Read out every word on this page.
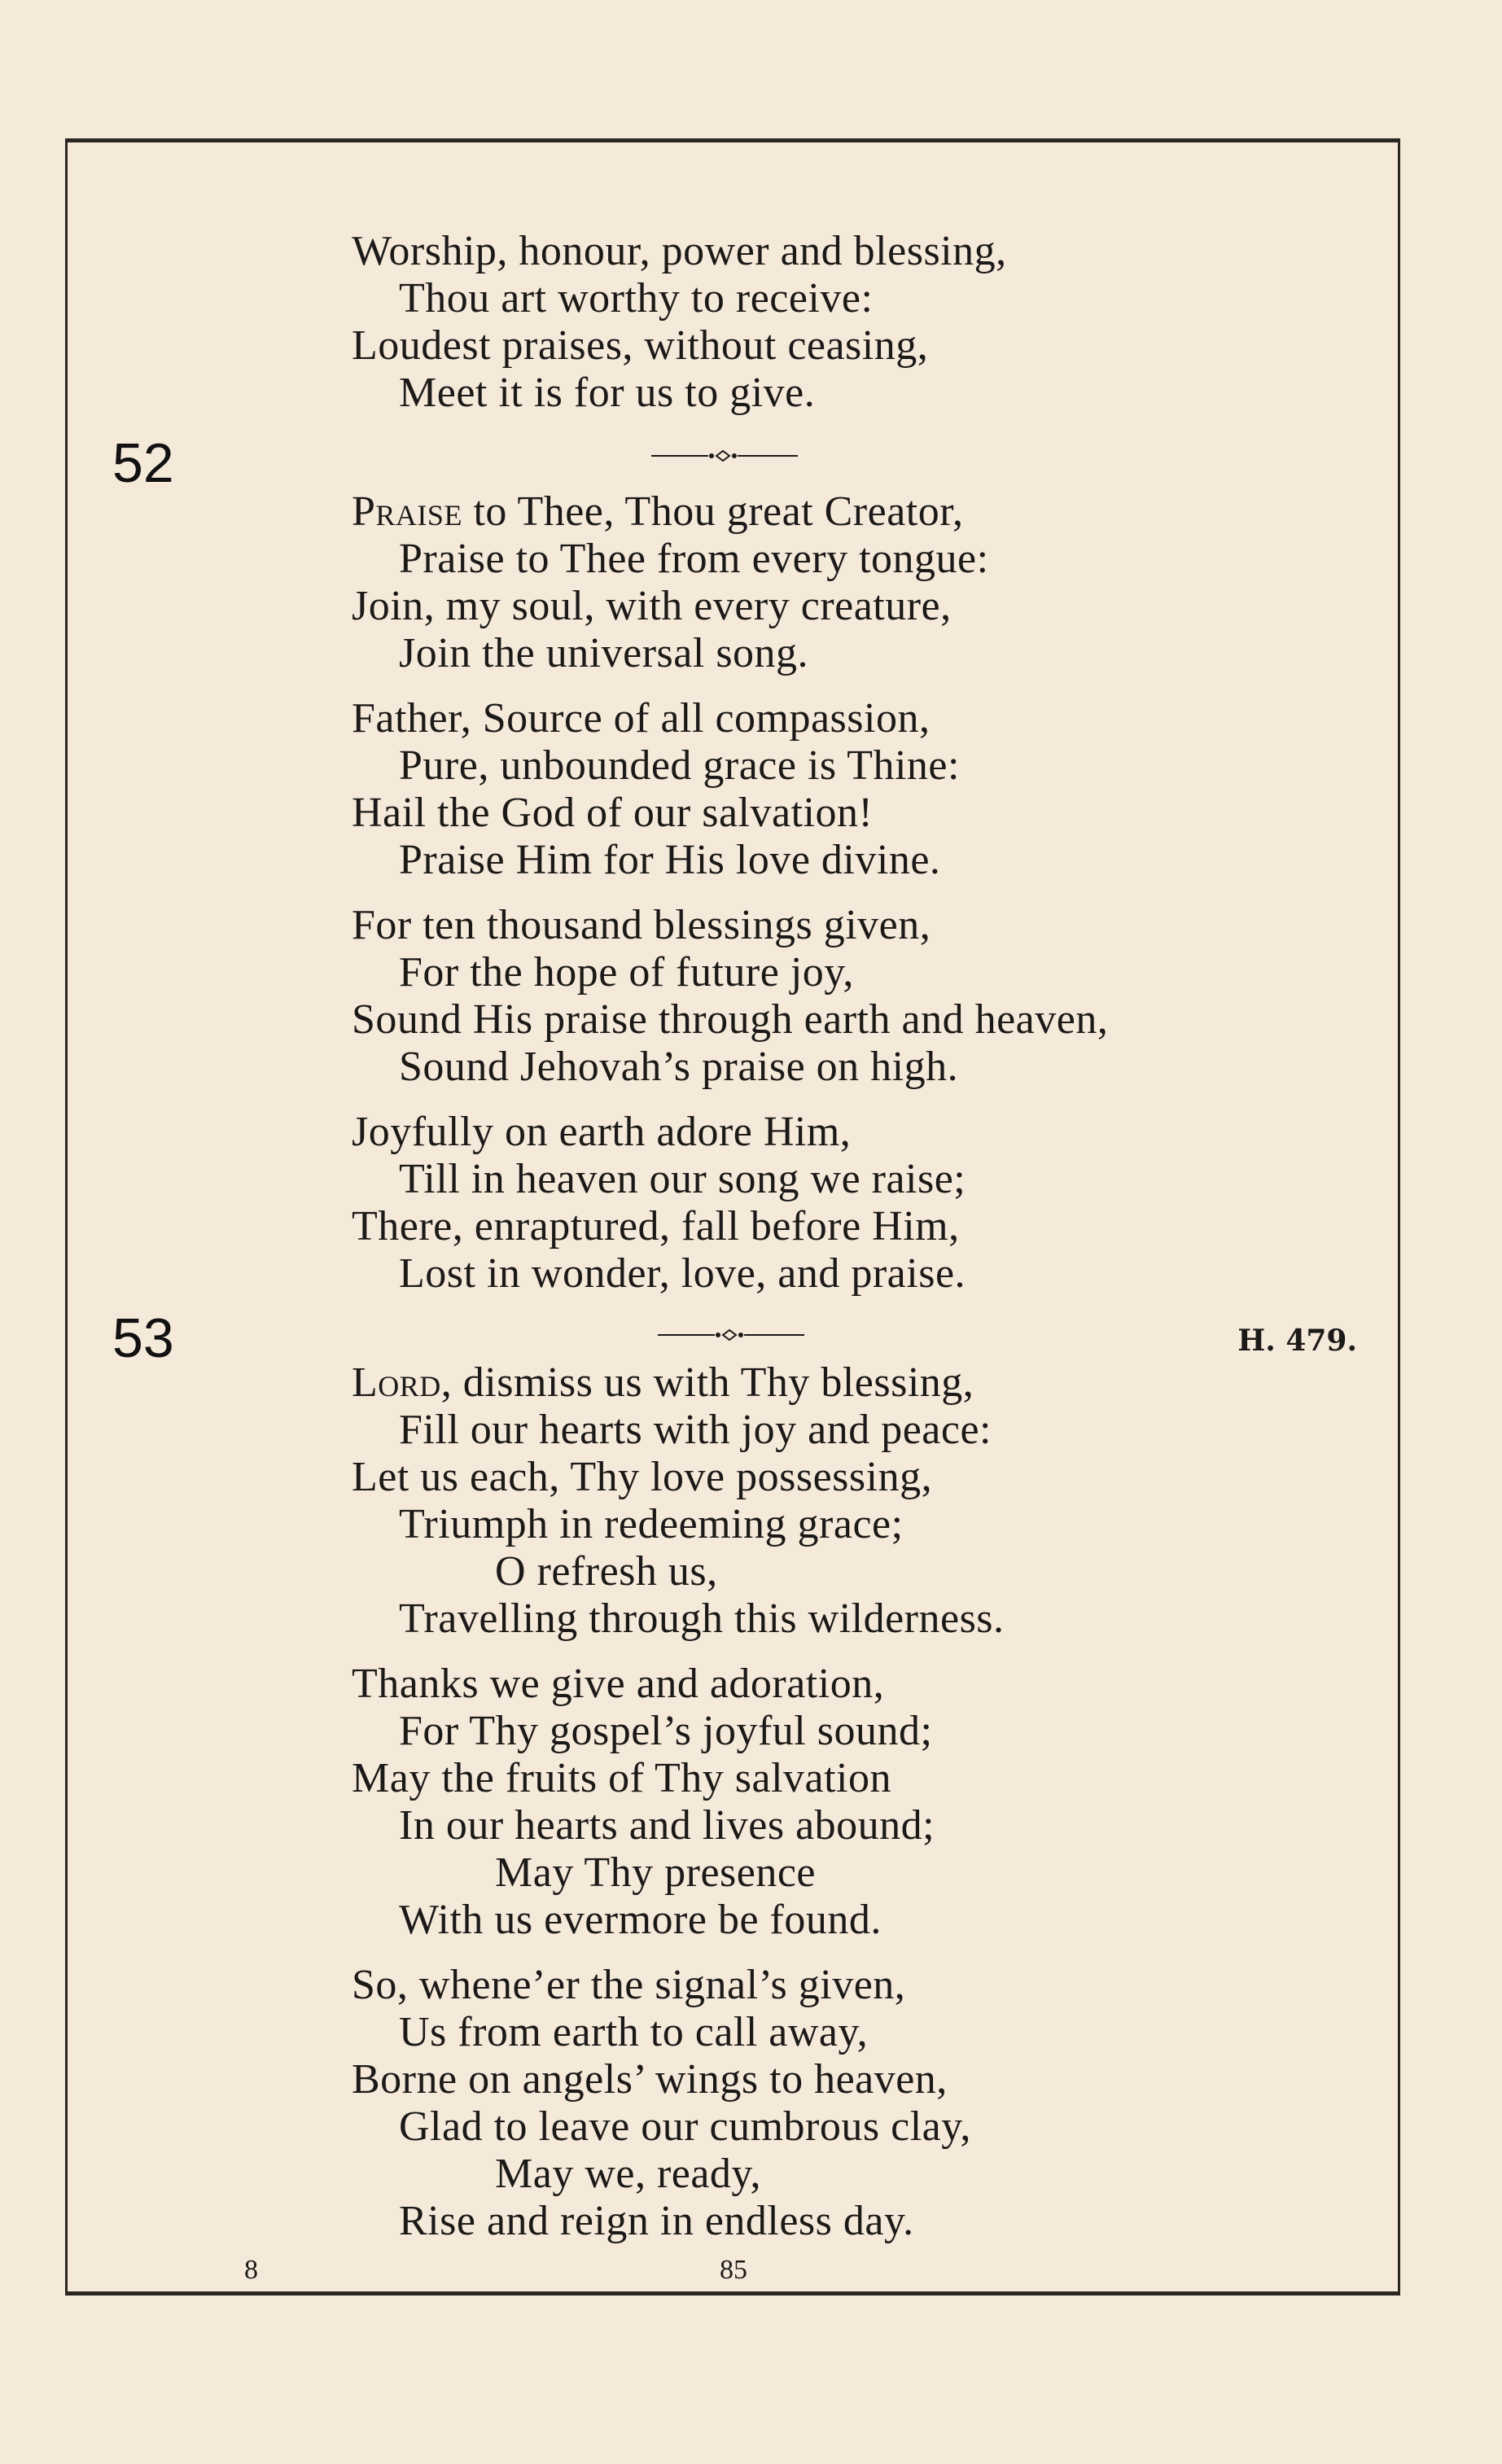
52
53	H. 479.
Worship, honour, power and blessing,
Thou art worthy to receive:
Loudest praises, without ceasing,
Meet it is for us to give.
Praise to Thee, Thou great Creator,
Praise to Thee from every tongue:
Join, my soul, with every creature,
Join the universal song.
Father, Source of all compassion,
Pure, unbounded grace is Thine:
Hail the God of our salvation!
Praise Him for His love divine.
For ten thousand blessings given,
For the hope of future joy,
Sound His praise through earth and heaven,
Sound Jehovah’s praise on high.
Joyfully on earth adore Him,
Till in heaven our song we raise;
There, enraptured, fall before Him,
Lost in wonder, love, and praise.
Lord, dismiss us with Thy blessing,
Fill our hearts with joy and peace:
Let us each, Thy love possessing,
Triumph in redeeming grace;
O refresh us,
Travelling through this wilderness.
Thanks we give and adoration,
For Thy gospel’s joyful sound;
May the fruits of Thy salvation
In our hearts and lives abound;
May Thy presence
With us evermore be found.
So, whene’er the signal’s given,
Us from earth to call away,
Borne on angels’ wings to heaven,
Glad to leave our cumbrous clay,
May we, ready,
Rise and reign in endless day.
8	85
